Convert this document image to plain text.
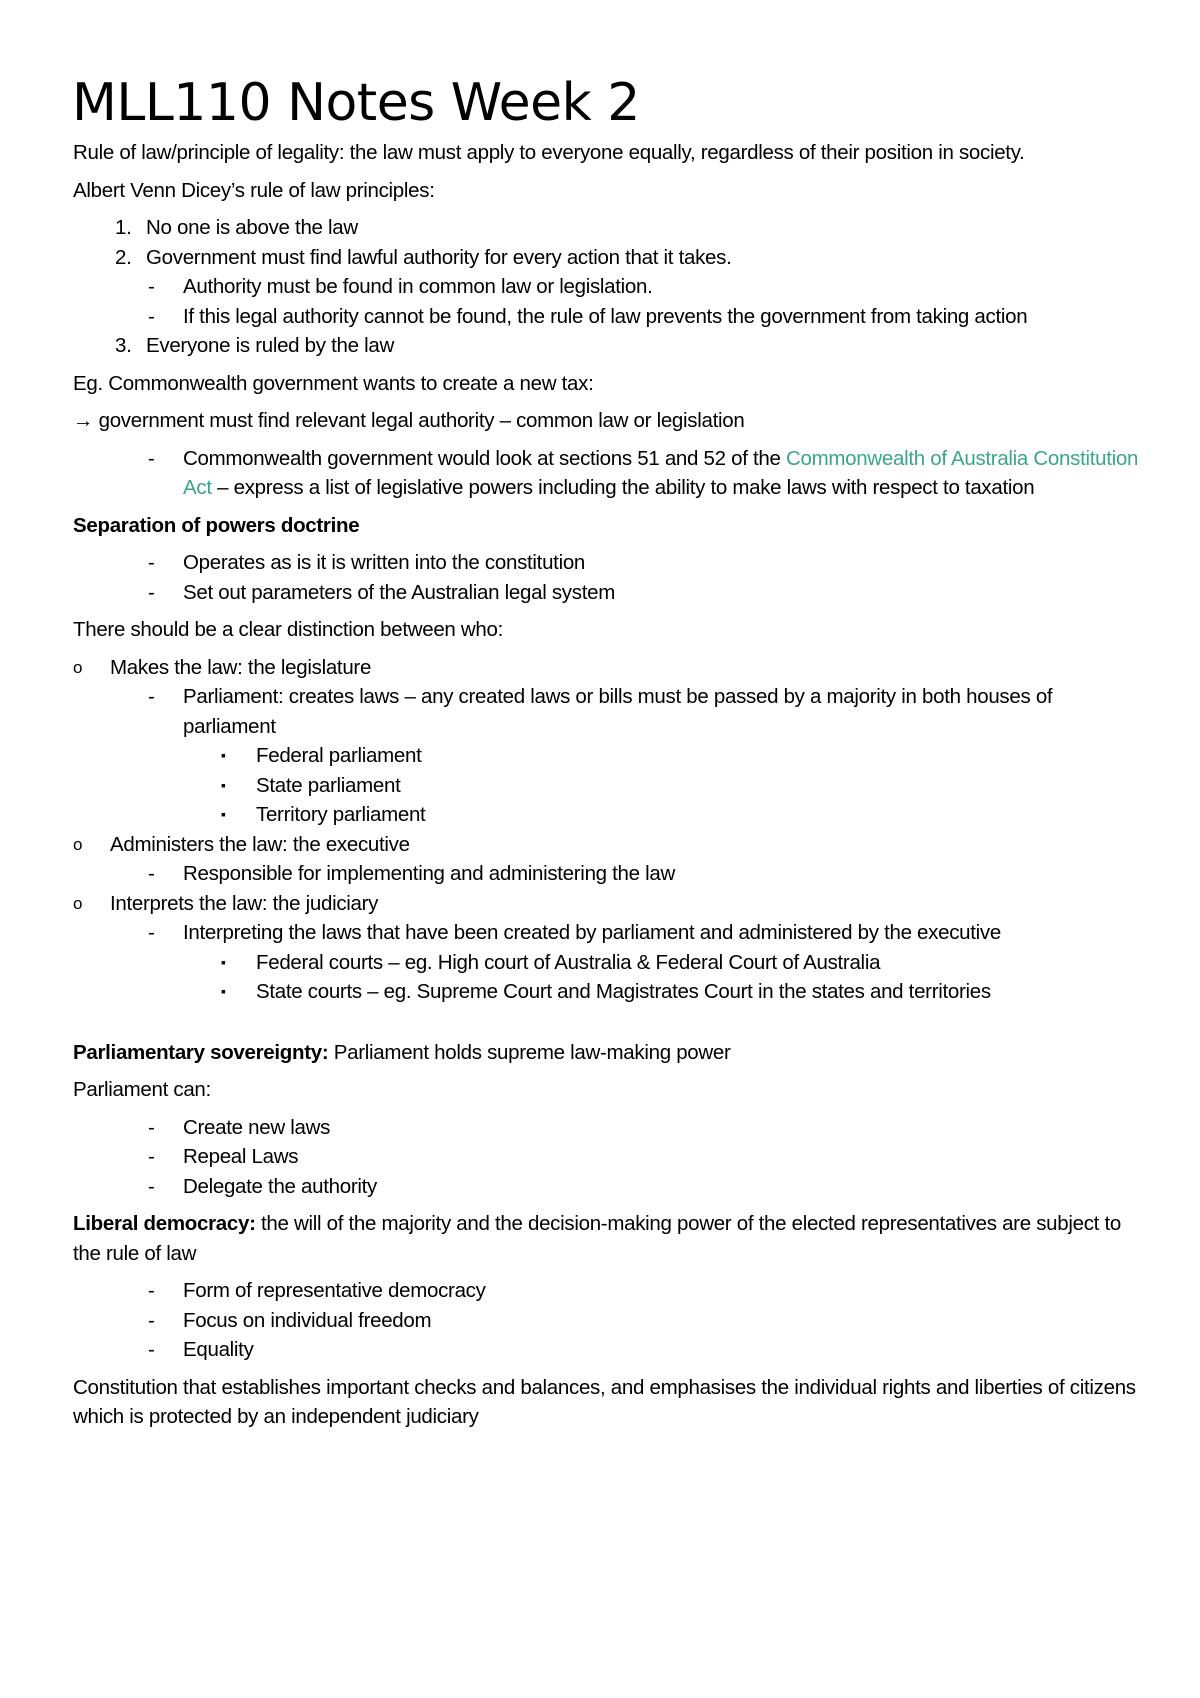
MLL110 Notes Week 2

Rule of law/principle of legality: the law must apply to everyone equally, regardless of their position in society.

Albert Venn Dicey’s rule of law principles:

1. No one is above the law
2. Government must find lawful authority for every action that it takes.
- Authority must be found in common law or legislation.
- If this legal authority cannot be found, the rule of law prevents the government from taking action
3. Everyone is ruled by the law

Eg. Commonwealth government wants to create a new tax:

→ government must find relevant legal authority – common law or legislation

- Commonwealth government would look at sections 51 and 52 of the Commonwealth of Australia Constitution Act – express a list of legislative powers including the ability to make laws with respect to taxation

Separation of powers doctrine

- Operates as is it is written into the constitution
- Set out parameters of the Australian legal system

There should be a clear distinction between who:

o Makes the law: the legislature
- Parliament: creates laws – any created laws or bills must be passed by a majority in both houses of parliament
▪ Federal parliament
▪ State parliament
▪ Territory parliament
o Administers the law: the executive
- Responsible for implementing and administering the law
o Interprets the law: the judiciary
- Interpreting the laws that have been created by parliament and administered by the executive
▪ Federal courts – eg. High court of Australia & Federal Court of Australia
▪ State courts – eg. Supreme Court and Magistrates Court in the states and territories

Parliamentary sovereignty: Parliament holds supreme law-making power

Parliament can:

- Create new laws
- Repeal Laws
- Delegate the authority

Liberal democracy: the will of the majority and the decision-making power of the elected representatives are subject to the rule of law

- Form of representative democracy
- Focus on individual freedom
- Equality

Constitution that establishes important checks and balances, and emphasises the individual rights and liberties of citizens which is protected by an independent judiciary
